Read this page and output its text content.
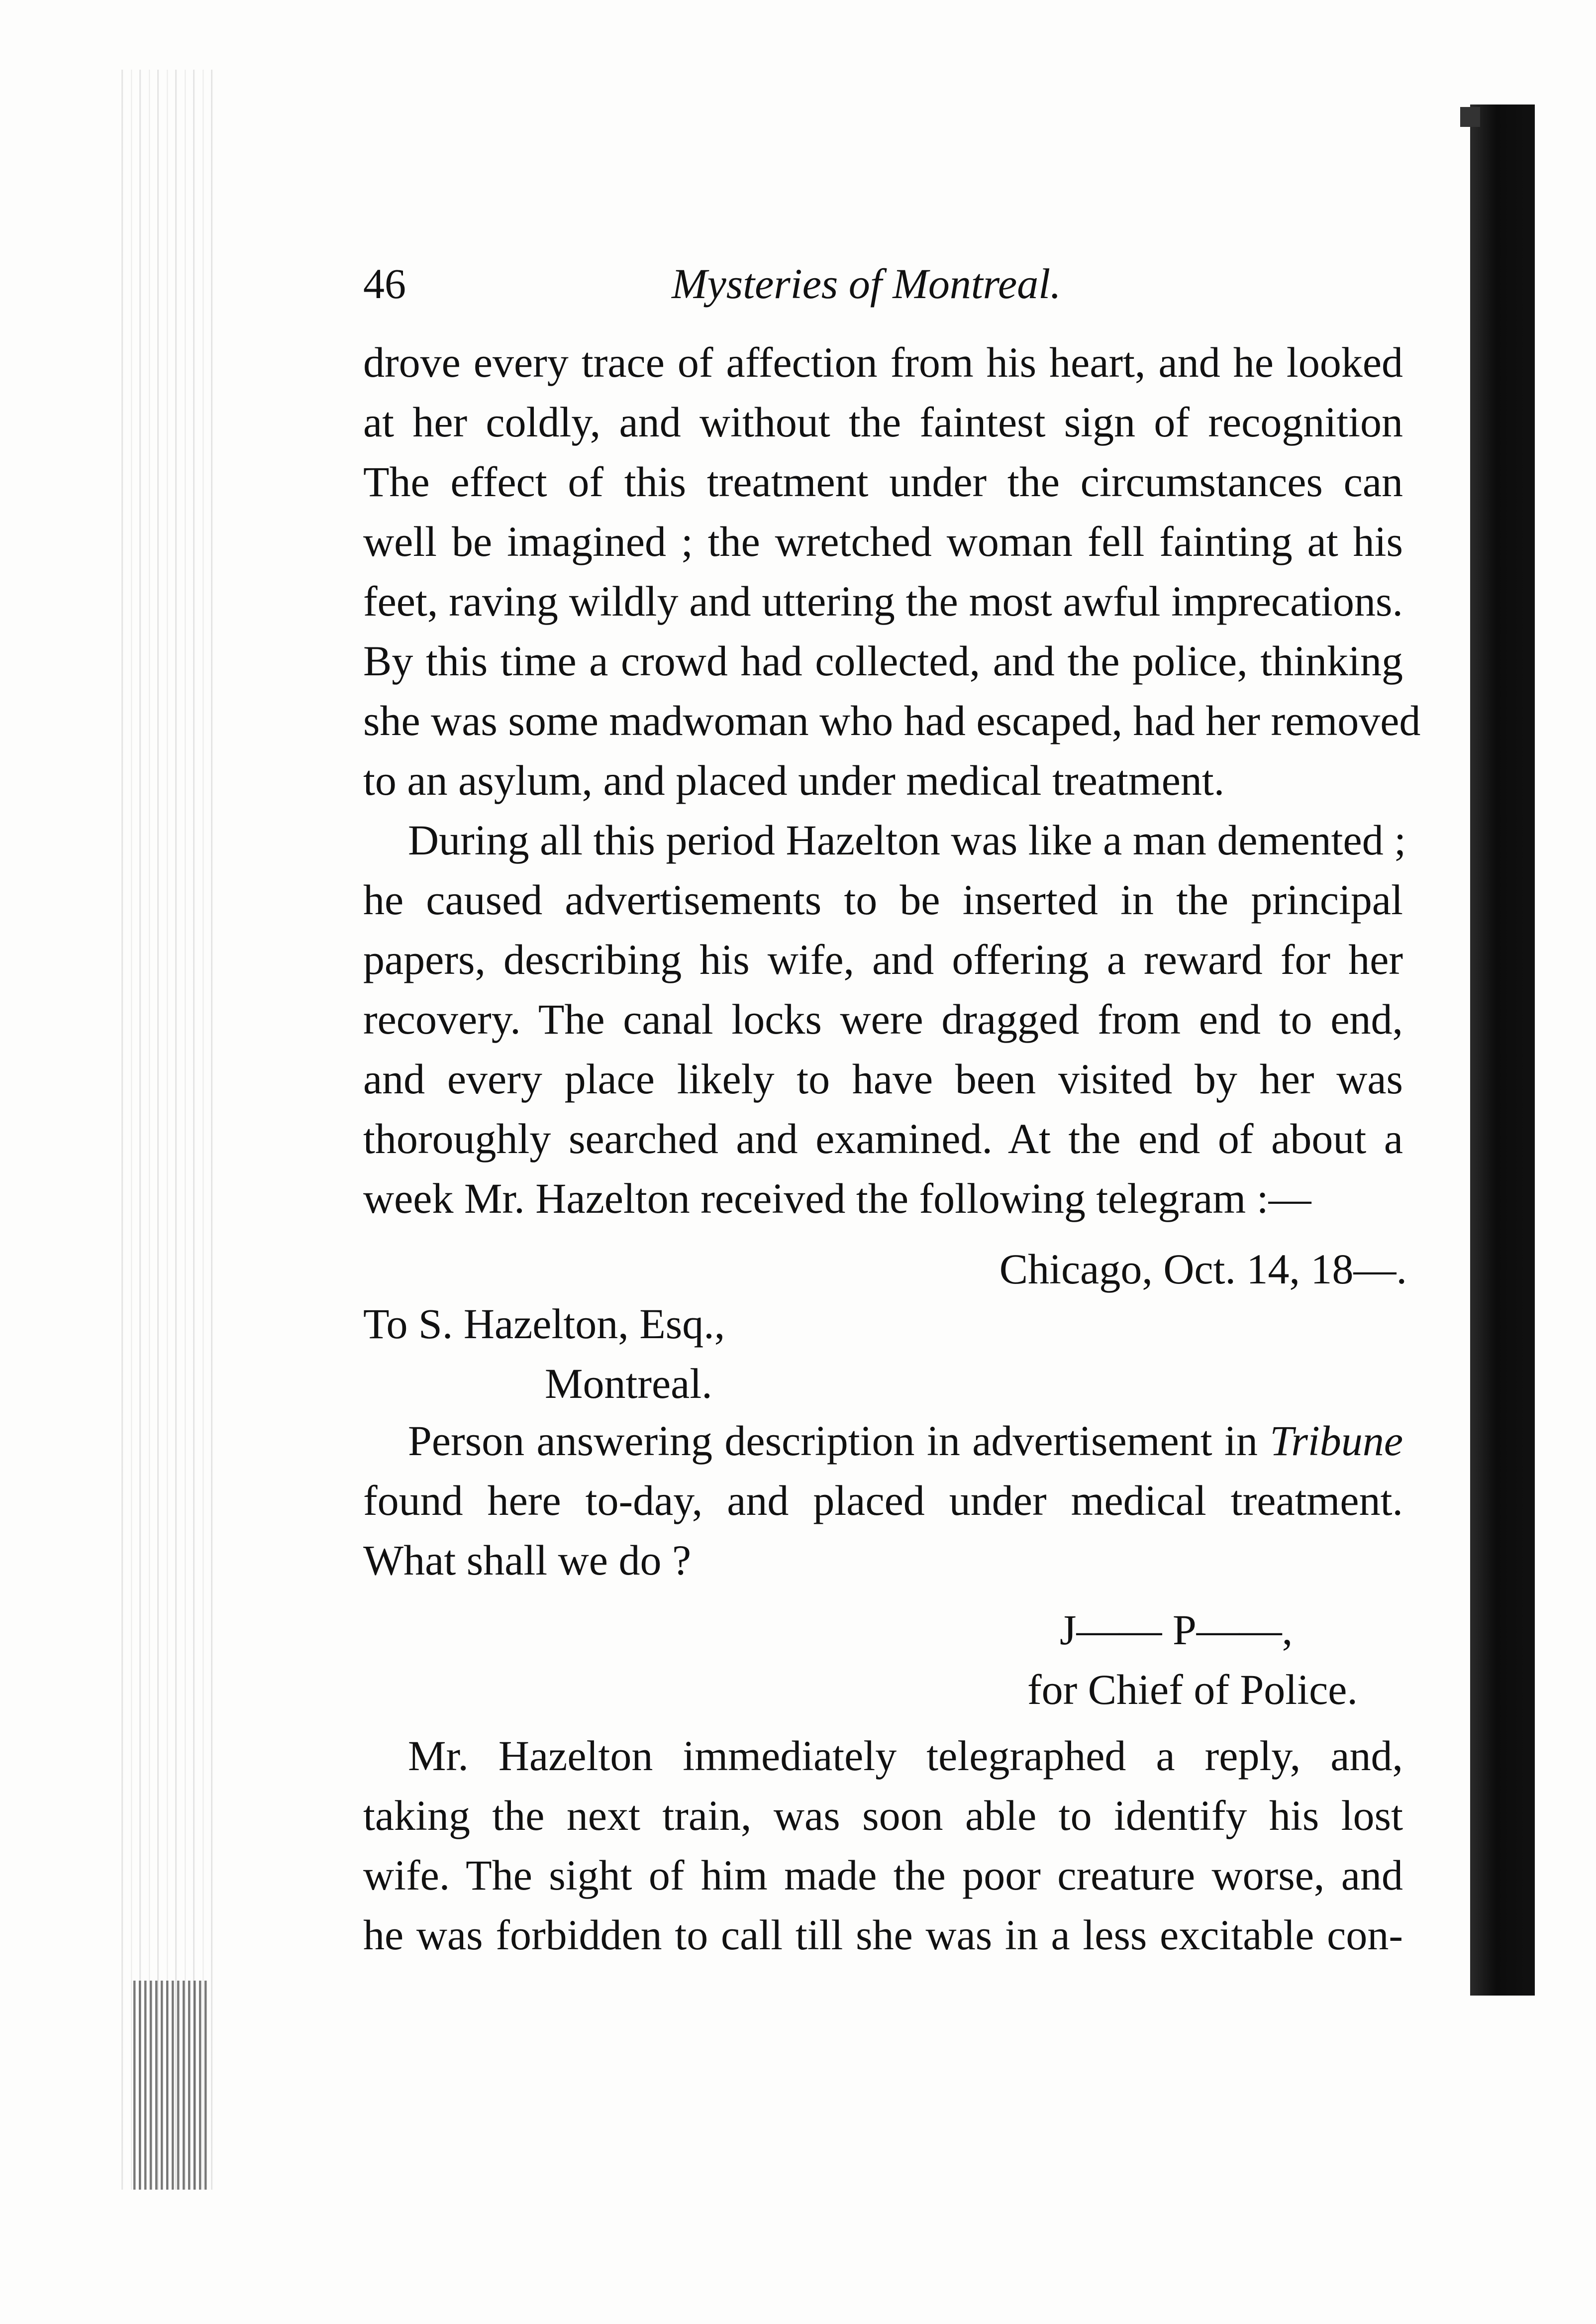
46	Mysteries of Montreal.
drove every trace of affection from his heart, and he looked
at her coldly, and without the faintest sign of recognition
The effect of this treatment under the circumstances can
well be imagined ; the wretched woman fell fainting at his
feet, raving wildly and uttering the most awful imprecations.
By this time a crowd had collected, and the police, thinking
she was some madwoman who had escaped, had her removed
to an asylum, and placed under medical treatment.
During all this period Hazelton was like a man demented ;
he caused advertisements to be inserted in the principal
papers, describing his wife, and offering a reward for her
recovery. The canal locks were dragged from end to end,
and every place likely to have been visited by her was
thoroughly searched and examined. At the end of about a
week Mr. Hazelton received the following telegram :—
Chicago, Oct. 14, 18—.
To S. Hazelton, Esq.,
Montreal.
Person answering description in advertisement in Tribune
found here to-day, and placed under medical treatment.
What shall we do ?
J—— P——,
for Chief of Police.
Mr. Hazelton immediately telegraphed a reply, and,
taking the next train, was soon able to identify his lost
wife. The sight of him made the poor creature worse, and
he was forbidden to call till she was in a less excitable con-
